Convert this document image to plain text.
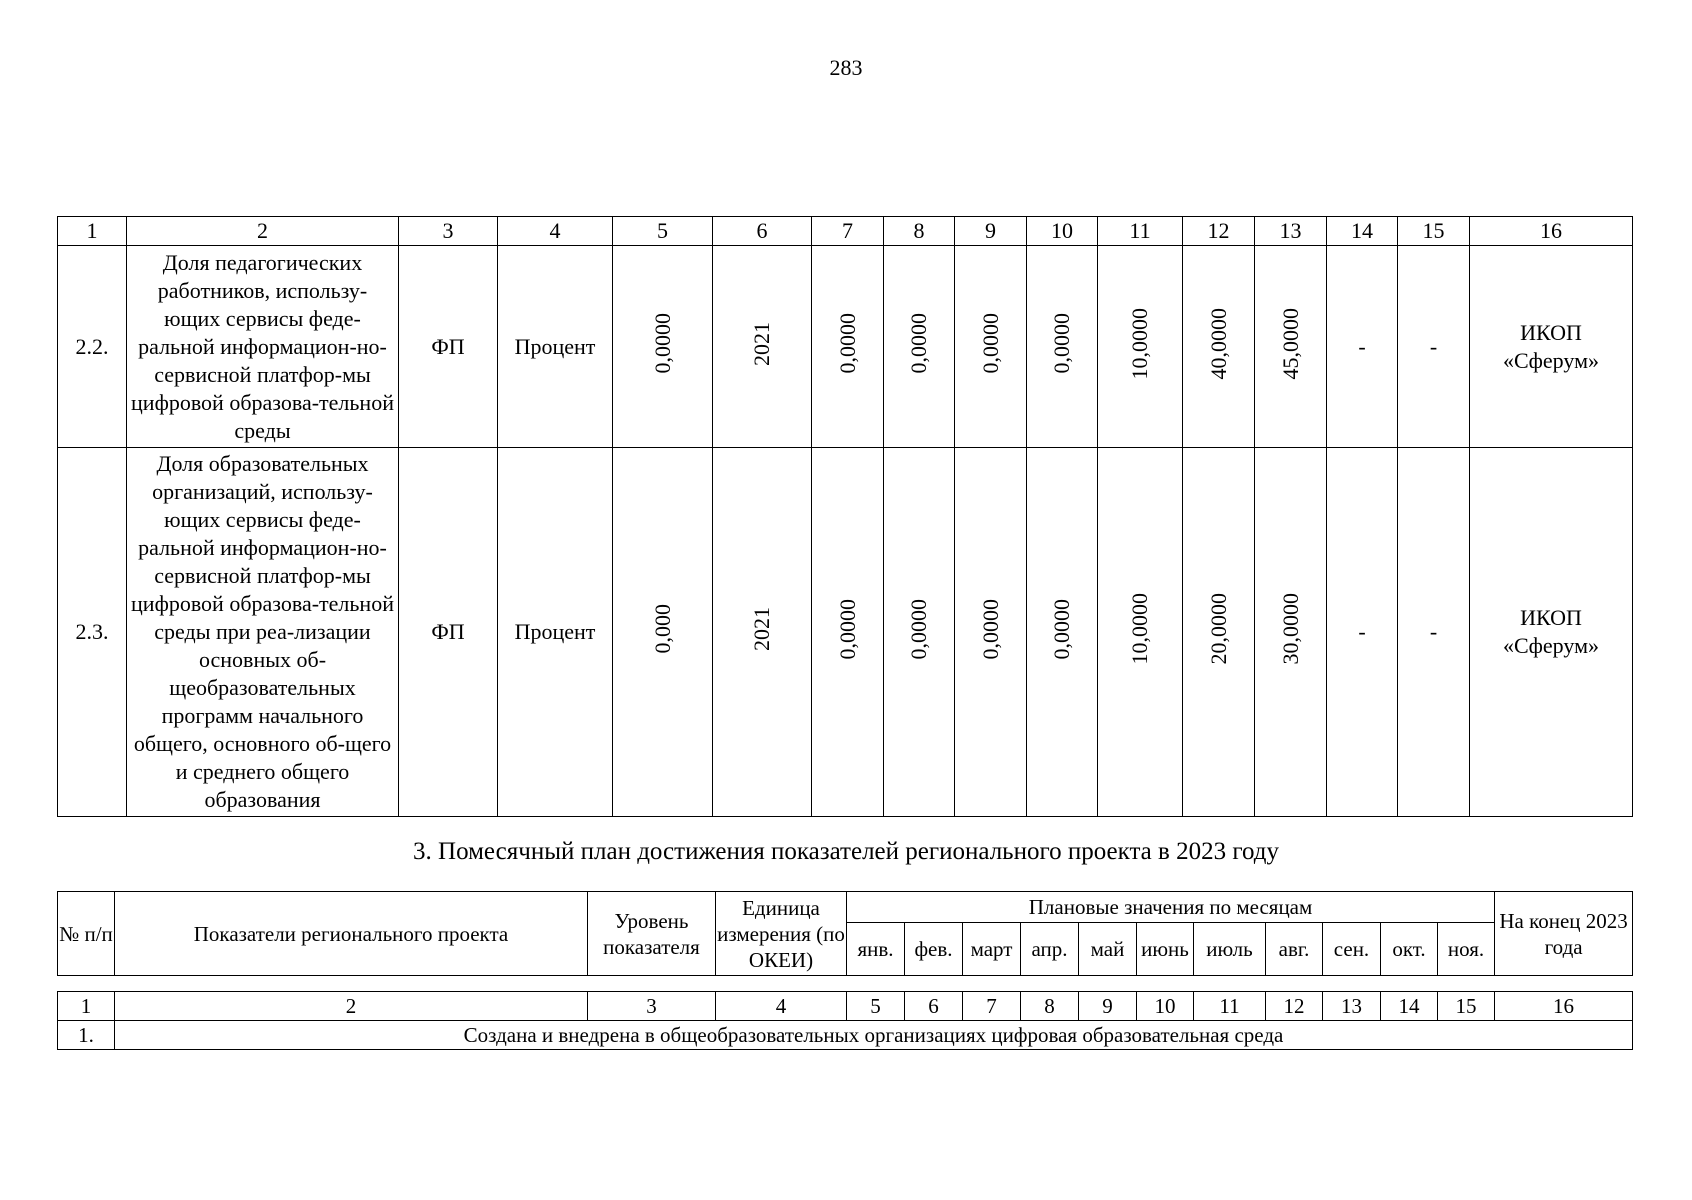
283
1	2	3	4	5	6	7	8	9	10	11	12	13	14	15	16
2.2.	Доля педагогических работников, использу-ющих сервисы феде-ральной информацион-но-сервисной платфор-мы цифровой образова-тельной среды	ФП	Процент	0,0000	2021	0,0000	0,0000	0,0000	0,0000	10,0000	40,0000	45,0000	-	-	ИКОП «Сферум»
2.3.	Доля образовательных организаций, использу-ющих сервисы феде-ральной информацион-но-сервисной платфор-мы цифровой образова-тельной среды при реа-лизации основных об-щеобразовательных программ начального общего, основного об-щего и среднего общего образования	ФП	Процент	0,000	2021	0,0000	0,0000	0,0000	0,0000	10,0000	20,0000	30,0000	-	-	ИКОП «Сферум»
3. Помесячный план достижения показателей регионального проекта в 2023 году
№ п/п	Показатели регионального проекта	Уровень показателя	Единица измерения (по ОКЕИ)	Плановые значения по месяцам											На конец 2023 года
				янв.	фев.	март	апр.	май	июнь	июль	авг.	сен.	окт.	ноя.	
1	2	3	4	5	6	7	8	9	10	11	12	13	14	15	16
1.	Создана и внедрена в общеобразовательных организациях цифровая образовательная среда														
